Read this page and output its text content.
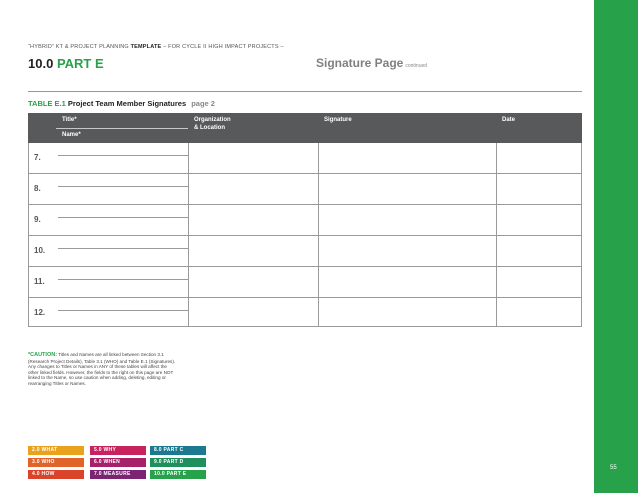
“HYBRID” KT & PROJECT PLANNING TEMPLATE – FOR CYCLE II HIGH IMPACT PROJECTS –
10.0 PART E	Signature Page continued
TABLE E.1 Project Team Member Signatures page 2
Title*
Name*
Organization
& Location
Signature	Date
7.
8.
9.
10.
11.
12.
*CAUTION: Titles and Names are all linked between Section 3.1 (Research Project Details), Table 3.1 (WHO) and Table E.1 (Signatures). Any changes to Titles or Names in ANY of these tables will affect the other linked fields. However, the fields to the right on this page are NOT linked to the Name, so use caution when adding, deleting, editing or rearranging Titles or Names.
2.0 WHAT
3.0 WHO
4.0 HOW
5.0 WHY
6.0 WHEN
7.0 MEASURE
8.0 PART C
9.0 PART D
10.0 PART E
55
